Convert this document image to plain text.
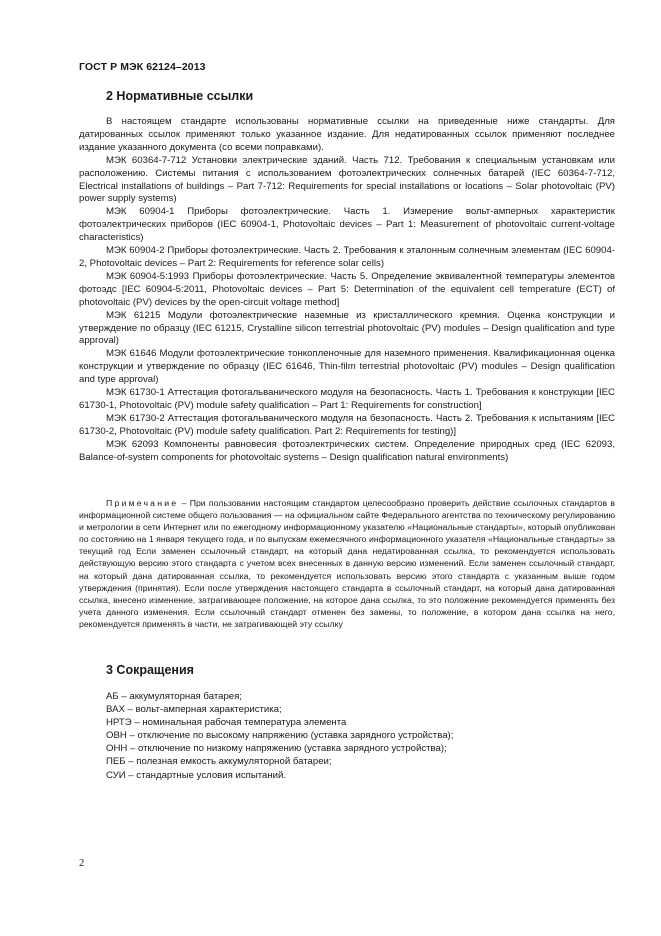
ГОСТ Р МЭК 62124–2013
2 Нормативные ссылки

В настоящем стандарте использованы нормативные ссылки на приведенные ниже стандарты. Для датированных ссылок применяют только указанное издание. Для недатированных ссылок применяют последнее издание указанного документа (со всеми поправками).

МЭК 60364-7-712 Установки электрические зданий. Часть 712. Требования к специальным установкам или расположению. Системы питания с использованием фотоэлектрических солнечных батарей (IEC 60364-7-712, Electrical installations of buildings – Part 7-712: Requirements for special installations or locations – Solar photovoltaic (PV) power supply systems)

МЭК 60904-1 Приборы фотоэлектрические. Часть 1. Измерение вольт-амперных характеристик фотоэлектрических приборов (IEC 60904-1, Photovoltaic devices – Part 1: Measurement of photovoltaic current-voltage characteristics)

МЭК 60904-2 Приборы фотоэлектрические. Часть 2. Требования к эталонным солнечным элементам (IEC 60904-2, Photovoltaic devices – Part 2: Requirements for reference solar cells)

МЭК 60904-5:1993 Приборы фотоэлектрические. Часть 5. Определение эквивалентной температуры элементов фотоэдс [IEC 60904-5:2011, Photovoltaic devices – Part 5: Determination of the equivalent cell temperature (ECT) of photovoltaic (PV) devices by the open-circuit voltage method]

МЭК 61215 Модули фотоэлектрические наземные из кристаллического кремния. Оценка конструкции и утверждение по образцу (IEC 61215, Crystalline silicon terrestrial photovoltaic (PV) modules – Design qualification and type approval)

МЭК 61646 Модули фотоэлектрические тонкопленочные для наземного применения. Квалификационная оценка конструкции и утверждение по образцу (IEC 61646, Thin-film terrestrial photovoltaic (PV) modules – Design qualification and type approval)

МЭК 61730-1 Аттестация фотогальванического модуля на безопасность. Часть 1. Требования к конструкции [IEC 61730-1, Photovoltaic (PV) module safety qualification – Part 1: Requirements for construction]

МЭК 61730-2 Аттестация фотогальванического модуля на безопасность. Часть 2. Требования к испытаниям [IEC 61730-2, Photovoltaic (PV) module safety qualification. Part 2: Requirements for testing)]

МЭК 62093 Компоненты равновесия фотоэлектрических систем. Определение природных сред (IEC 62093, Balance-of-system components for photovoltaic systems – Design qualification natural environments)

Примечание – При пользовании настоящим стандартом целесообразно проверить действие ссылочных стандартов в информационной системе общего пользования — на официальном сайте Федерального агентства по техническому регулированию и метрологии в сети Интернет или по ежегодному информационному указателю «Национальные стандарты», который опубликован по состоянию на 1 января текущего года, и по выпускам ежемесячного информационного указателя «Национальные стандарты» за текущий год Если заменен ссылочный стандарт, на который дана недатированная ссылка, то рекомендуется использовать действующую версию этого стандарта с учетом всех внесенных в данную версию изменений. Если заменен ссылочный стандарт, на который дана датированная ссылка, то рекомендуется использовать версию этого стандарта с указанным выше годом утверждения (принятия). Если после утверждения настоящего стандарта в ссылочный стандарт, на который дана датированная ссылка, внесено изменение, затрагивающее положение, на которое дана ссылка, то это положение рекомендуется применять без учета данного изменения. Если ссылочный стандарт отменен без замены, то положение, в котором дана ссылка на него, рекомендуется применять в части, не затрагивающей эту ссылку

3 Сокращения
АБ – аккумуляторная батарея;
ВАХ – вольт-амперная характеристика;
НРТЭ – номинальная рабочая температура элемента
ОВН – отключение по высокому напряжению (уставка зарядного устройства);
ОНН – отключение по низкому напряжению (уставка зарядного устройства);
ПЕБ – полезная емкость аккумуляторной батареи;
СУИ – стандартные условия испытаний.
2
